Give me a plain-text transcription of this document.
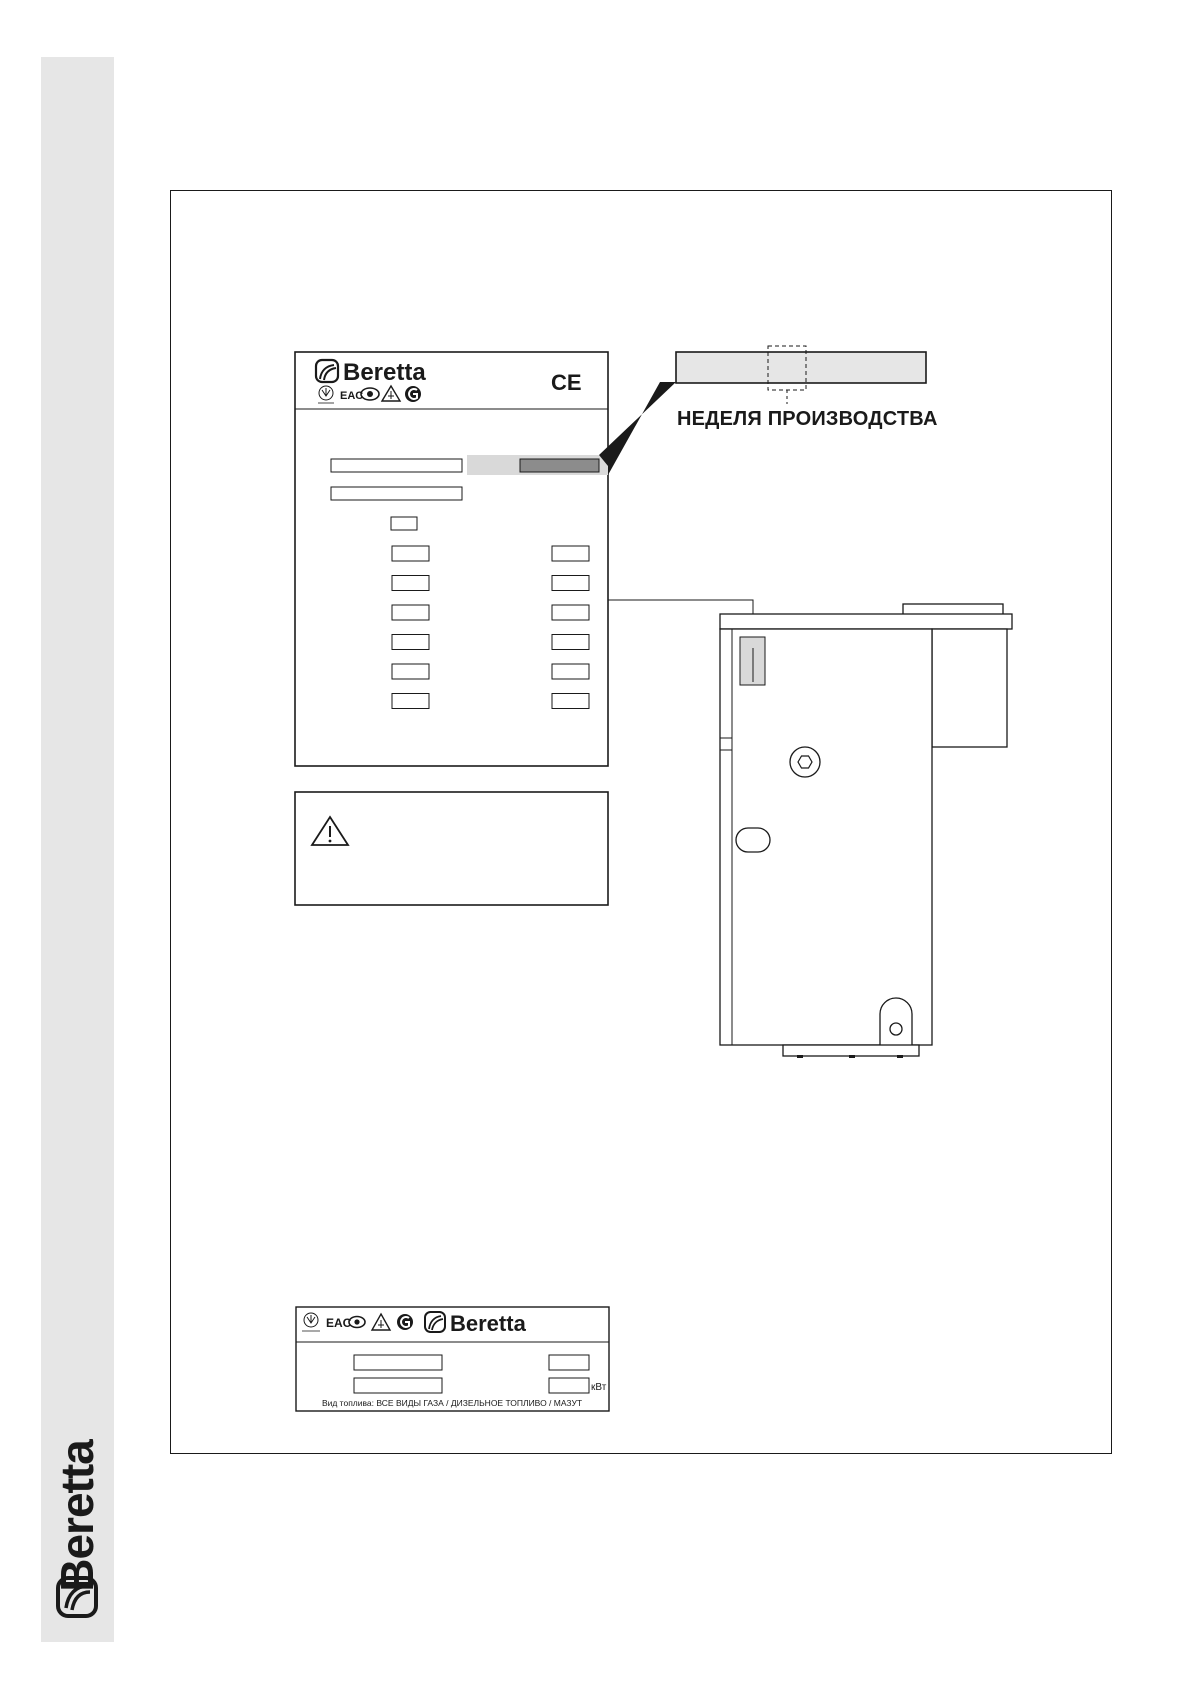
Beretta
Beretta	CE
EAC
EAC	Beretta
кВт
Вид топлива: ВСЕ ВИДЫ ГАЗА / ДИЗЕЛЬНОЕ ТОПЛИВО / МАЗУТ
НЕДЕЛЯ ПРОИЗВОДСТВА
